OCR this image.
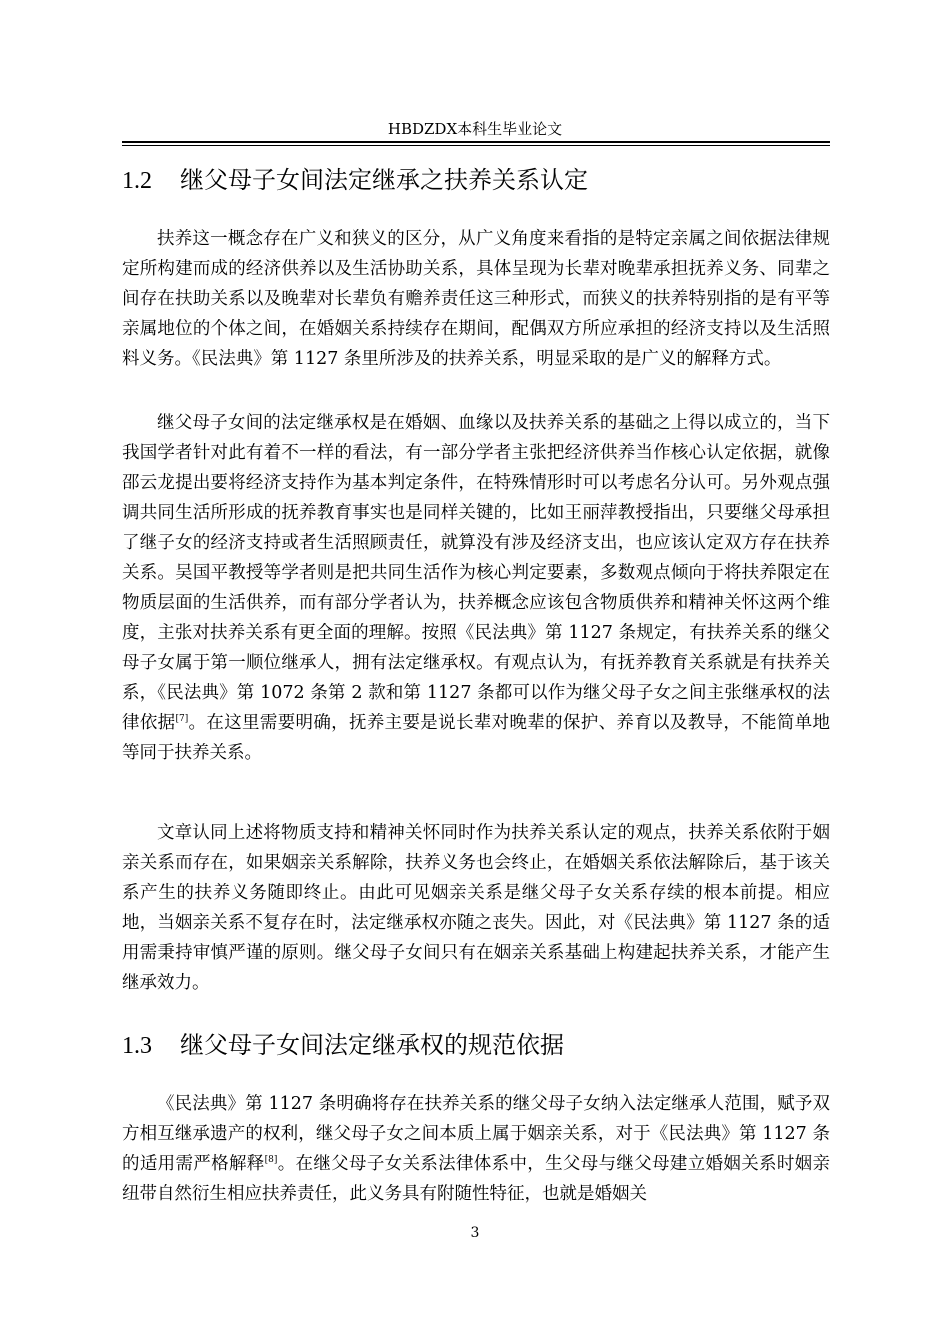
HBDZDX本科生毕业论文
1.2 继父母子女间法定继承之扶养关系认定

扶养这一概念存在广义和狭义的区分，从广义角度来看指的是特定亲属之间依据法律规定所构建而成的经济供养以及生活协助关系，具体呈现为长辈对晚辈承担抚养义务、同辈之间存在扶助关系以及晚辈对长辈负有赡养责任这三种形式，而狭义的扶养特别指的是有平等亲属地位的个体之间，在婚姻关系持续存在期间，配偶双方所应承担的经济支持以及生活照料义务。《民法典》第 1127 条里所涉及的扶养关系，明显采取的是广义的解释方式。

继父母子女间的法定继承权是在婚姻、血缘以及扶养关系的基础之上得以成立的，当下我国学者针对此有着不一样的看法，有一部分学者主张把经济供养当作核心认定依据，就像邵云龙提出要将经济支持作为基本判定条件，在特殊情形时可以考虑名分认可。另外观点强调共同生活所形成的抚养教育事实也是同样关键的，比如王丽萍教授指出，只要继父母承担了继子女的经济支持或者生活照顾责任，就算没有涉及经济支出，也应该认定双方存在扶养关系。吴国平教授等学者则是把共同生活作为核心判定要素，多数观点倾向于将扶养限定在物质层面的生活供养，而有部分学者认为，扶养概念应该包含物质供养和精神关怀这两个维度，主张对扶养关系有更全面的理解。按照《民法典》第 1127 条规定，有扶养关系的继父母子女属于第一顺位继承人，拥有法定继承权。有观点认为，有抚养教育关系就是有扶养关系，《民法典》第 1072 条第 2 款和第 1127 条都可以作为继父母子女之间主张继承权的法律依据[7]。在这里需要明确，抚养主要是说长辈对晚辈的保护、养育以及教导，不能简单地等同于扶养关系。

文章认同上述将物质支持和精神关怀同时作为扶养关系认定的观点，扶养关系依附于姻亲关系而存在，如果姻亲关系解除，扶养义务也会终止，在婚姻关系依法解除后，基于该关系产生的扶养义务随即终止。由此可见姻亲关系是继父母子女关系存续的根本前提。相应地，当姻亲关系不复存在时，法定继承权亦随之丧失。因此，对《民法典》第 1127 条的适用需秉持审慎严谨的原则。继父母子女间只有在姻亲关系基础上构建起扶养关系，才能产生继承效力。

1.3 继父母子女间法定继承权的规范依据

《民法典》第 1127 条明确将存在扶养关系的继父母子女纳入法定继承人范围，赋予双方相互继承遗产的权利，继父母子女之间本质上属于姻亲关系，对于《民法典》第 1127 条的适用需严格解释[8]。在继父母子女关系法律体系中，生父母与继父母建立婚姻关系时姻亲纽带自然衍生相应扶养责任，此义务具有附随性特征，也就是婚姻关

3
